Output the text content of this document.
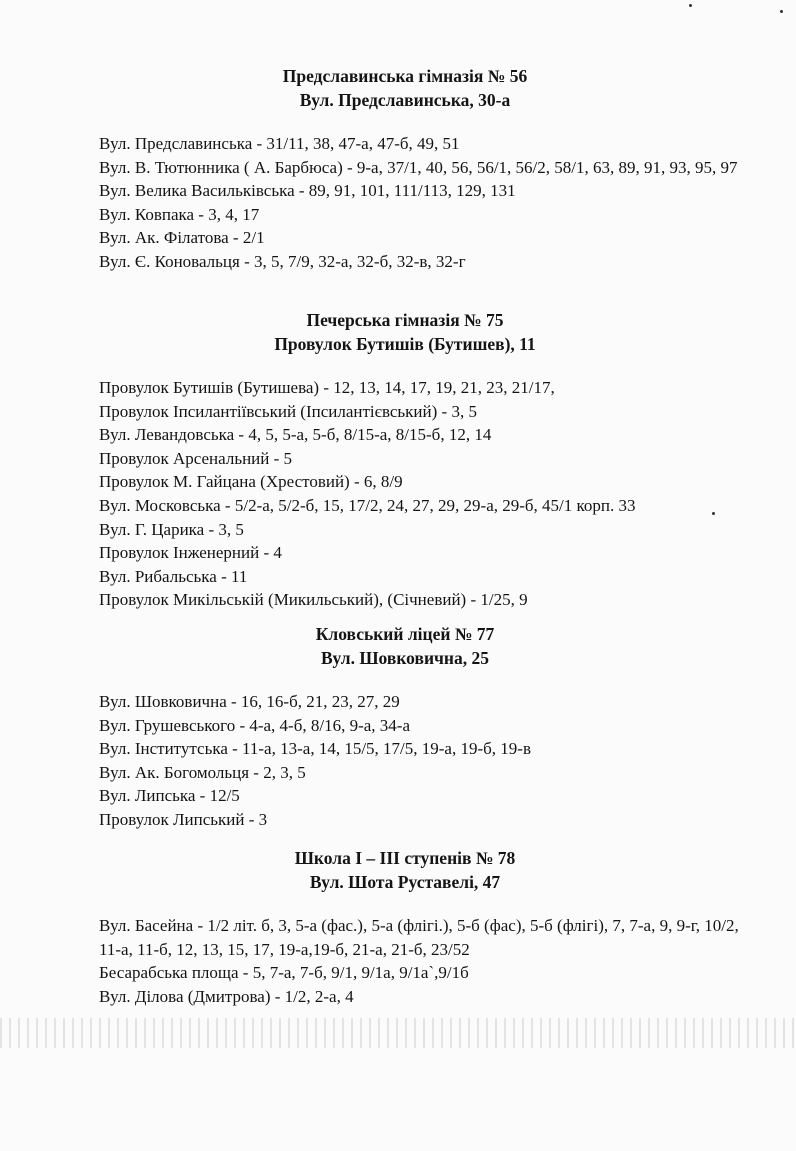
Предславинська гімназія № 56
Вул. Предславинська, 30-а
Вул. Предславинська - 31/11, 38, 47-а, 47-б, 49, 51
Вул. В. Тютюнника ( А. Барбюса) - 9-а, 37/1, 40, 56, 56/1, 56/2, 58/1, 63, 89, 91, 93, 95, 97
Вул. Велика Васильківська - 89, 91, 101, 111/113, 129, 131
Вул. Ковпака - 3, 4, 17
Вул. Ак. Філатова - 2/1
Вул. Є. Коновальця - 3, 5, 7/9, 32-а, 32-б, 32-в, 32-г
Печерська гімназія № 75
Провулок Бутишів (Бутишев), 11
Провулок Бутишів (Бутишева) - 12, 13, 14, 17, 19, 21, 23, 21/17,
Провулок Іпсилантіївський (Іпсилантієвський) - 3, 5
Вул. Левандовська - 4, 5, 5-а, 5-б, 8/15-а, 8/15-б, 12, 14
Провулок Арсенальний - 5
Провулок М. Гайцана (Хрестовий) - 6, 8/9
Вул. Московська - 5/2-а, 5/2-б, 15, 17/2, 24, 27, 29, 29-а, 29-б, 45/1 корп. 33
Вул. Г. Царика - 3, 5
Провулок Інженерний - 4
Вул. Рибальська - 11
Провулок Микільській (Микильський), (Січневий) - 1/25, 9
Кловський ліцей № 77
Вул. Шовковична, 25
Вул. Шовковична - 16, 16-б, 21, 23, 27, 29
Вул. Грушевського - 4-а, 4-б, 8/16, 9-а, 34-а
Вул. Інститутська - 11-а, 13-а, 14, 15/5, 17/5, 19-а, 19-б, 19-в
Вул. Ак. Богомольця - 2, 3, 5
Вул. Липська - 12/5
Провулок Липський - 3
Школа І – ІІІ ступенів № 78
Вул. Шота Руставелі, 47
Вул. Басейна - 1/2 літ. б, 3, 5-а (фас.), 5-а (флігі.), 5-б (фас), 5-б (флігі), 7, 7-а, 9, 9-г, 10/2, 11-а, 11-б, 12, 13, 15, 17, 19-а,19-б, 21-а, 21-б, 23/52
Бесарабська площа - 5, 7-а, 7-б, 9/1, 9/1а, 9/1а`,9/1б
Вул. Ділова (Дмитрова) - 1/2, 2-а, 4
